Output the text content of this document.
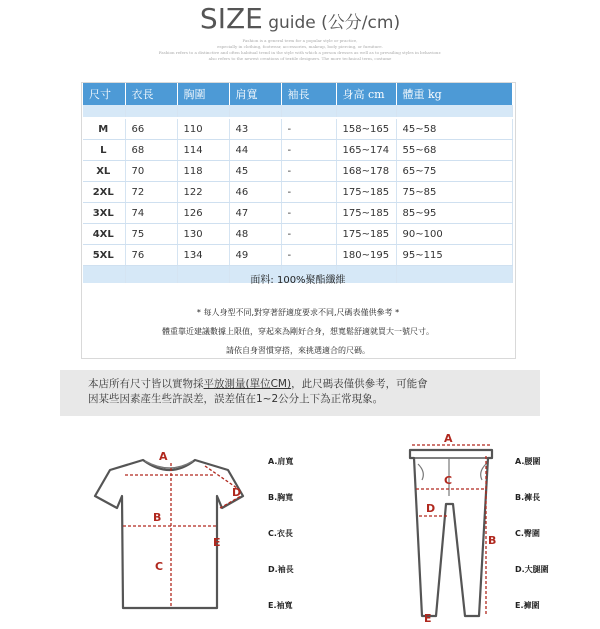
SIZE guide (公分/cm)
Fashion is a general term for a popular style or practice,
especially in clothing, footwear, accessories, makeup, body piercing, or furniture.
Fashion refers to a distinctive and often habitual trend in the style with which a person dresses as well as to prevailing styles in behaviour.
also refers to the newest creations of textile designers. The more technical term, costume
尺寸	衣長	胸圍	肩寬	袖長	身高 cm	體重 kg

M	66	110	43	-	158~165	45~58
L	68	114	44	-	165~174	55~68
XL	70	118	45	-	168~178	65~75
2XL	72	122	46	-	175~185	75~85
3XL	74	126	47	-	175~185	85~95
4XL	75	130	48	-	175~185	90~100
5XL	76	134	49	-	180~195	95~115

面料: 100%聚酯纖維
* 每人身型不同,對穿著舒適度要求不同,尺碼表僅供參考 *
體重靠近建議數據上限值，穿起來為剛好合身，想寬鬆舒適就買大一號尺寸。
請依自身習慣穿搭，來挑選適合的尺碼。

本店所有尺寸皆以實物採平放測量(單位CM)，此尺碼表僅供參考，可能會

因某些因素產生些許誤差，誤差值在1~2公分上下為正常現象。

A
B
C
D
E
A.肩寬
B.胸寬
C.衣長
D.袖長
E.袖寬
A
B
C
D
E
A.腰圍
B.褲長
C.臀圍
D.大腿圍
E.褲圍
